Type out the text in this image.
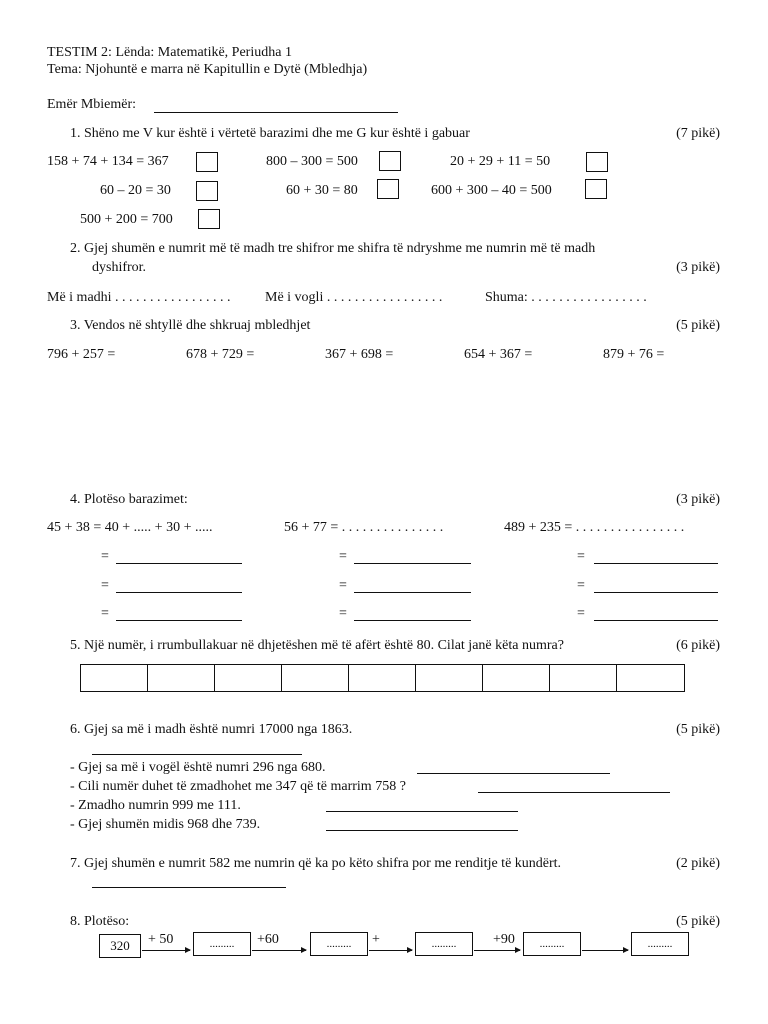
TESTIM 2: Lënda: Matematikë, Periudha 1
Tema: Njohuntë e marra në Kapitullin e Dytë (Mbledhja)
Emër Mbiemër:
1. Shëno me V kur është i vërtetë barazimi dhe me G kur është i gabuar	(7 pikë)
158 + 74 + 134 = 367	800 – 300 = 500	20 + 29 + 11 = 50
60 – 20 = 30	60 + 30 = 80	600 + 300 – 40 = 500
500 + 200 = 700
2. Gjej shumën e numrit më të madh tre shifror me shifra të ndryshme me numrin më të madh
dyshifror.	(3 pikë)
Më i madhi . . . . . . . . . . . . . . . . . Më i vogli . . . . . . . . . . . . . . . . .	Shuma: . . . . . . . . . . . . . . . . .
3. Vendos në shtyllë dhe shkruaj mbledhjet	(5 pikë)
796 + 257 =	678 + 729 =	367 + 698 =	654 + 367 =	879 + 76 =
4. Plotëso barazimet:	(3 pikë)
45 + 38 = 40 + ..... + 30 + .....	56 + 77 = . . . . . . . . . . . . . . .	489 + 235 = . . . . . . . . . . . . . . . .
=	=	=
=	=	=
=	=	=
5. Një numër, i rrumbullakuar në dhjetëshen më të afërt është 80. Cilat janë këta numra?	(6 pikë)
6. Gjej sa më i madh është numri 17000 nga 1863.	(5 pikë)
- Gjej sa më i vogël është numri 296 nga 680.
- Cili numër duhet të zmadhohet me 347 që të marrim 758 ?
- Zmadho numrin 999 me 111.
- Gjej shumën midis 968 dhe 739.
7. Gjej shumën e numrit 582 me numrin që ka po këto shifra por me renditje të kundërt.	(2 pikë)
8. Plotëso:	(5 pikë)
320	+ 50	.........	+60	.........	+	.........	+90	.........	.........
